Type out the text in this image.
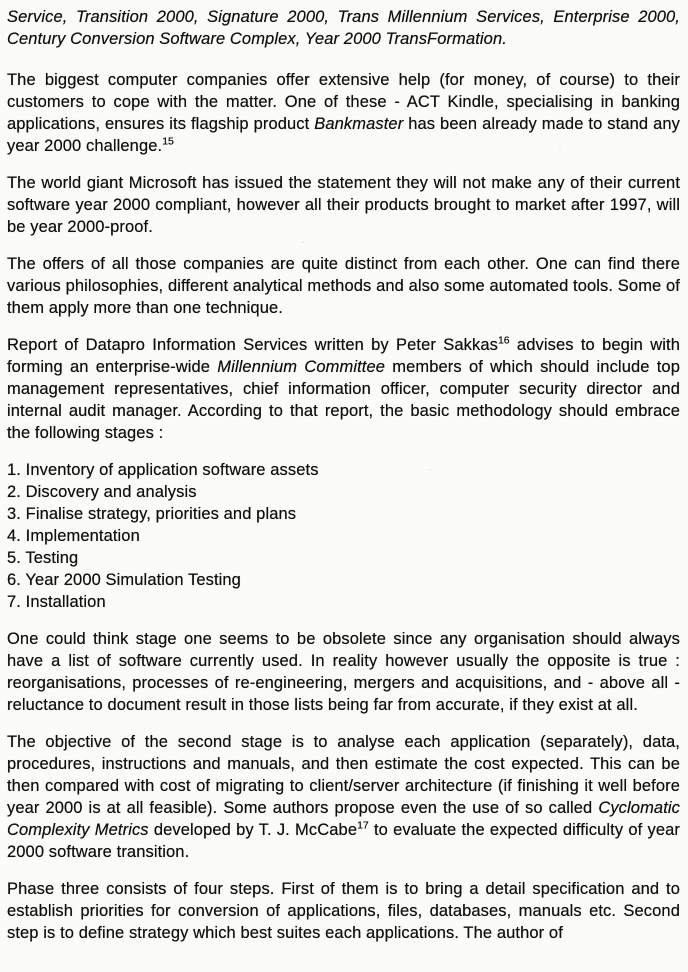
Service, Transition 2000, Signature 2000, Trans Millennium Services, Enterprise 2000, Century Conversion Software Complex, Year 2000 TransFormation.

The biggest computer companies offer extensive help (for money, of course) to their customers to cope with the matter. One of these - ACT Kindle, specialising in banking applications, ensures its flagship product Bankmaster has been already made to stand any year 2000 challenge.$^{15}$

The world giant Microsoft has issued the statement they will not make any of their current software year 2000 compliant, however all their products brought to market after 1997, will be year 2000-proof.

The offers of all those companies are quite distinct from each other. One can find there various philosophies, different analytical methods and also some automated tools. Some of them apply more than one technique.

Report of Datapro Information Services written by Peter Sakkas$^{16}$ advises to begin with forming an enterprise-wide Millennium Committee members of which should include top management representatives, chief information officer, computer security director and internal audit manager. According to that report, the basic methodology should embrace the following stages :

1. Inventory of application software assets
2. Discovery and analysis
3. Finalise strategy, priorities and plans
4. Implementation
5. Testing
6. Year 2000 Simulation Testing
7. Installation

One could think stage one seems to be obsolete since any organisation should always have a list of software currently used. In reality however usually the opposite is true : reorganisations, processes of re-engineering, mergers and acquisitions, and - above all - reluctance to document result in those lists being far from accurate, if they exist at all.

The objective of the second stage is to analyse each application (separately), data, procedures, instructions and manuals, and then estimate the cost expected. This can be then compared with cost of migrating to client/server architecture (if finishing it well before year 2000 is at all feasible). Some authors propose even the use of so called Cyclomatic Complexity Metrics developed by T. J. McCabe$^{17}$ to evaluate the expected difficulty of year 2000 software transition.

Phase three consists of four steps. First of them is to bring a detail specification and to establish priorities for conversion of applications, files, databases, manuals etc. Second step is to define strategy which best suites each applications. The author of
